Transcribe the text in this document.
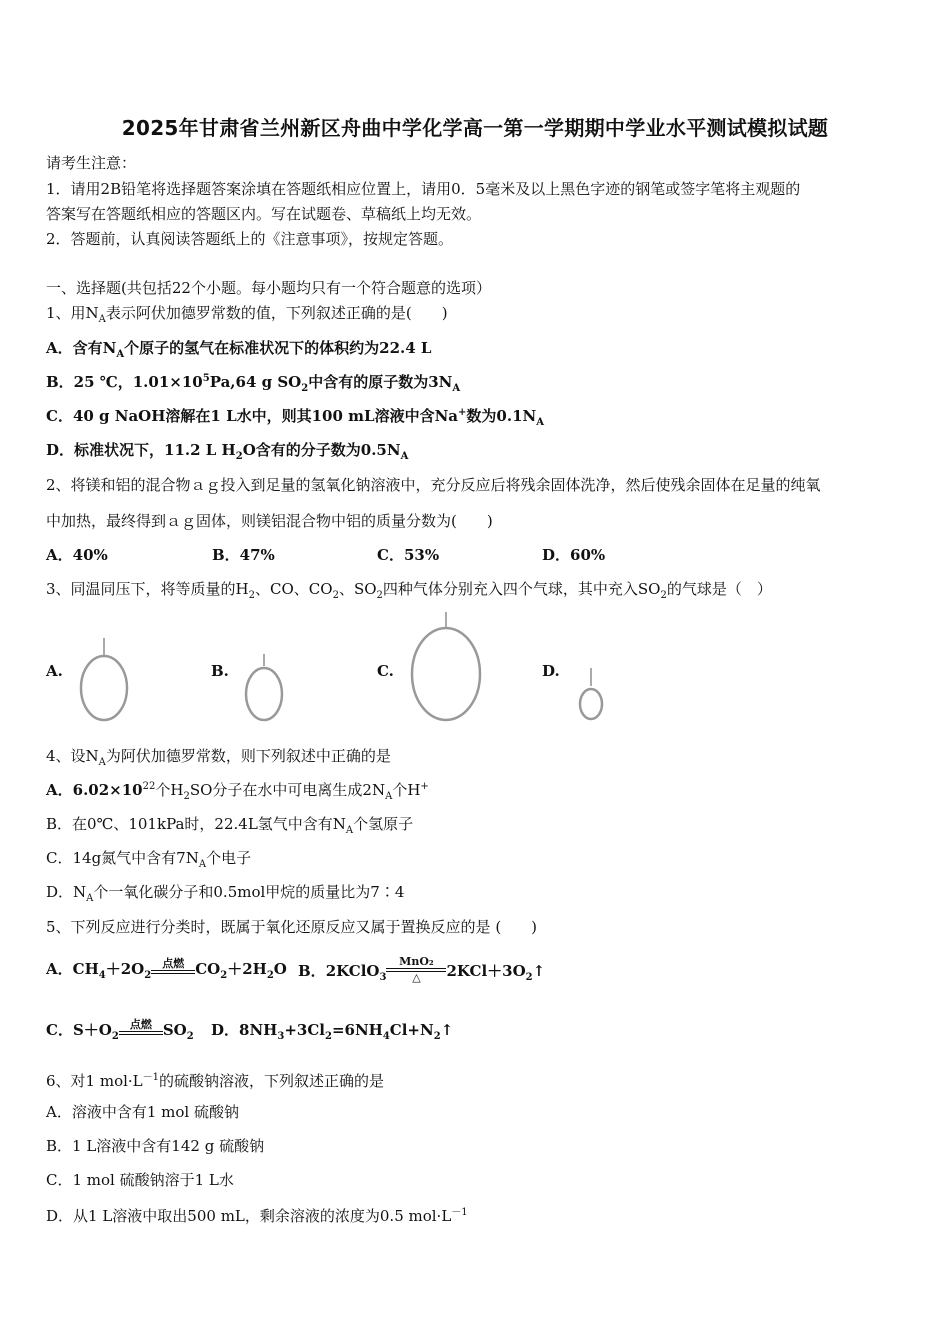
2025年甘肃省兰州新区舟曲中学化学高一第一学期期中学业水平测试模拟试题
请考生注意：
1．请用2B铅笔将选择题答案涂填在答题纸相应位置上，请用0．5毫米及以上黑色字迹的钢笔或签字笔将主观题的
答案写在答题纸相应的答题区内。写在试题卷、草稿纸上均无效。
2．答题前，认真阅读答题纸上的《注意事项》，按规定答题。
一、选择题(共包括22个小题。每小题均只有一个符合题意的选项）
1、用$N_A$表示阿伏加德罗常数的值，下列叙述正确的是(　　)
A．含有$N_A$个原子的氢气在标准状况下的体积约为22.4 L
B．25 ℃，$1.01\times 10^5Pa,64$ g $SO_2$中含有的原子数为$3N_A$
C．40 g NaOH溶解在1 L水中，则其100 mL溶液中含Na+数为$0.1N_A$
D．标准状况下，11.2 L $H_2O$含有的分子数为$0.5N_A$
2、将镁和铝的混合物ａｇ投入到足量的氢氧化钠溶液中，充分反应后将残余固体洗净，然后使残余固体在足量的纯氧
中加热，最终得到ａｇ固体，则镁铝混合物中铝的质量分数为(　　)
A．40%	B．47%	C．53%	D．60%
3、同温同压下，将等质量的$H_2$、CO、$CO_2$、$SO_2$四种气体分别充入四个气球，其中充入$SO_2$的气球是（　）
A.	B.	C.	D.
4、设$N_A$为阿伏加德罗常数，则下列叙述中正确的是
A．$6.02\times 10^{22}$个$H_2SO$分子在水中可电离生成$2N_A$个H+
B．在0℃、101kPa时，22.4L氢气中含有$N_A$个氢原子
C．14g氮气中含有$7N_A$个电子
D．$N_A$个一氧化碳分子和0.5mol甲烷的质量比为7∶4
5、下列反应进行分类时，既属于氧化还原反应又属于置换反应的是 (　　)
A．$CH_4+2O_2$
点燃 $CO_2+2H_2O$ B．2KClO$_3$
MnO₂
△	$2KCl+3O_2↑$
C．$S+O_2$
点燃 $SO_2$ D．$8NH_3+3Cl_2=6NH_4Cl+N_2↑$
6、对1 $mol\cdot L^{-1}$的硫酸钠溶液，下列叙述正确的是
A．溶液中含有1 mol 硫酸钠
B．1 L溶液中含有142 g 硫酸钠
C．1 mol 硫酸钠溶于1 L水
D．从1 L溶液中取出500 mL，剩余溶液的浓度为0.5 $mol\cdot L^{-1}$
